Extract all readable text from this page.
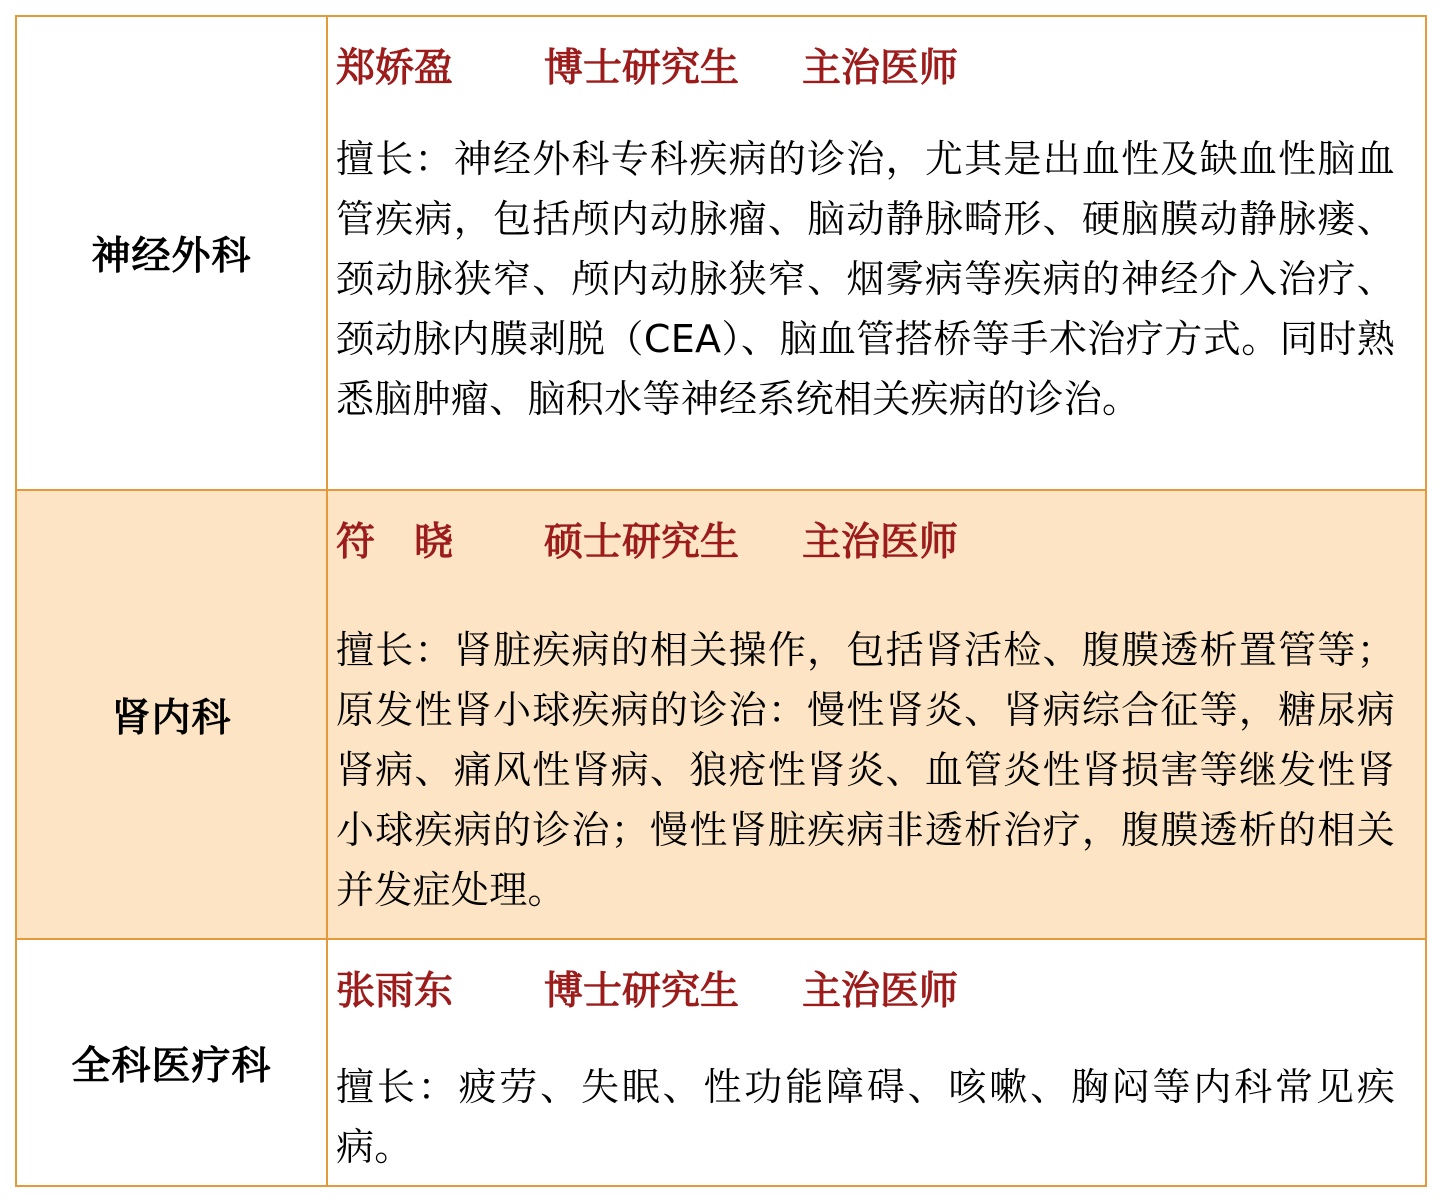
神经外科	郑娇盈 博士研究生 主治医师
擅长：神经外科专科疾病的诊治，尤其是出血性及缺血性脑血管疾病，包括颅内动脉瘤、脑动静脉畸形、硬脑膜动静脉瘘、颈动脉狭窄、颅内动脉狭窄、烟雾病等疾病的神经介入治疗、颈动脉内膜剥脱（CEA）、脑血管搭桥等手术治疗方式。同时熟悉脑肿瘤、脑积水等神经系统相关疾病的诊治。

肾内科	符　晓 硕士研究生 主治医师
擅长：肾脏疾病的相关操作，包括肾活检、腹膜透析置管等；原发性肾小球疾病的诊治：慢性肾炎、肾病综合征等，糖尿病肾病、痛风性肾病、狼疮性肾炎、血管炎性肾损害等继发性肾小球疾病的诊治；慢性肾脏疾病非透析治疗，腹膜透析的相关并发症处理。

全科医疗科	张雨东 博士研究生 主治医师
擅长：疲劳、失眠、性功能障碍、咳嗽、胸闷等内科常见疾病。
